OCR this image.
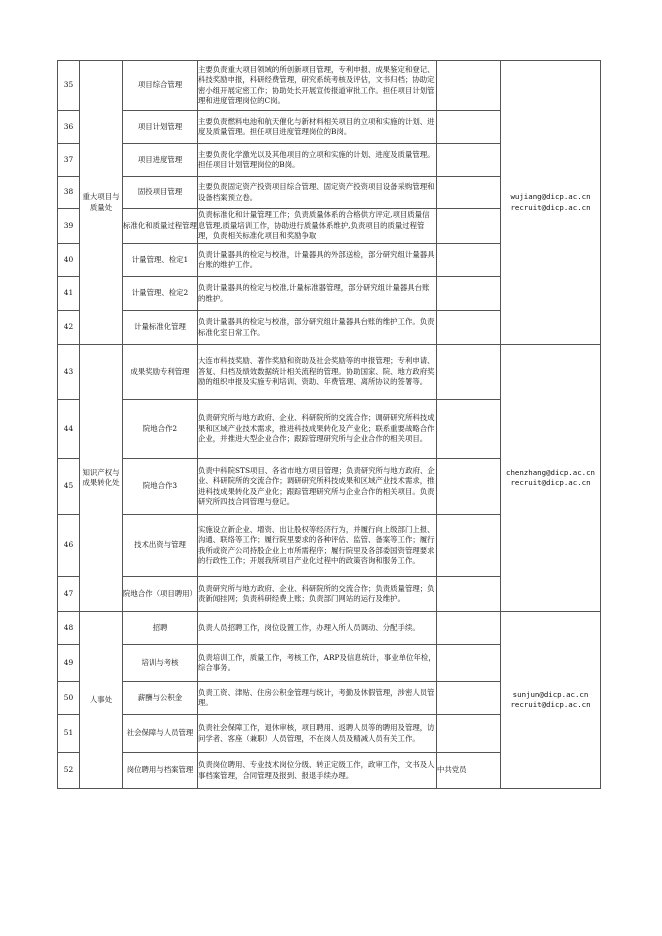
35	重大项目与质量处	项目综合管理	主要负责重大项目领域的所创新项目管理，专利申报、成果鉴定和登记、科技奖励申报，科研经费管理，研究系统考核及评估，文书归档；协助定密小组开展定密工作；协助处长开展宣传报道审批工作。担任项目计划管理和进度管理岗位的C岗。		wujiang@dicp.ac.cn
recruit@dicp.ac.cn

36		项目计划管理	主要负责燃料电池和航天催化与新材料相关项目的立项和实施的计划、进度及质量管理。担任项目进度管理岗位的B岗。		
37		项目进度管理	主要负责化学激光以及其他项目的立项和实施的计划、进度及质量管理。担任项目计划管理岗位的B岗。		
38		固投项目管理	主要负责固定资产投资项目综合管理、固定资产投资项目设备采购管理和设备档案预立卷。		
39		标准化和质量过程管理	负责标准化和计量管理工作；负责质量体系的合格供方评定,项目质量信息管理,质量培训工作，协助进行质量体系维护,负责项目的质量过程管理，负责相关标准化项目和奖励争取		
40		计量管理、检定1	负责计量器具的检定与校准，计量器具的外部送检，部分研究组计量器具台账的维护工作。		
41		计量管理、检定2	负责计量器具的检定与校准,计量标准器管理，部分研究组计量器具台账的维护。		
42		计量标准化管理	负责计量器具的检定与校准，部分研究组计量器具台账的维护工作。负责标准化室日常工作。		
43	知识产权与成果转化处	成果奖励专利管理	大连市科技奖励、著作奖励和资助及社会奖励等的申报管理；专利申请、答复、归档及绩效数据统计相关流程的管理。协助国家、院、地方政府奖励的组织申报及实施专利培训、资助、年费管理、离所协议的签署等。		chenzhang@dicp.ac.cn
recruit@dicp.ac.cn

44		院地合作2	负责研究所与地方政府、企业、科研院所的交流合作；调研研究所科技成果和区域产业技术需求，推进科技成果转化及产业化；联系重要战略合作企业，并推进大型企业合作；跟踪管理研究所与企业合作的相关项目。		
45		院地合作3	负责中科院STS项目、各省市地方项目管理；负责研究所与地方政府、企业、科研院所的交流合作；调研研究所科技成果和区域产业技术需求，推进科技成果转化及产业化；跟踪管理研究所与企业合作的相关项目。负责研究所四技合同管理与登记。		
46		技术出资与管理	实施设立新企业、增资、出让股权等经济行为，并履行向上级部门上报、沟通、联络等工作；履行院里要求的各种评估、监管、备案等工作；履行我所或资产公司持股企业上市所需程序；履行院里及各部委国资管理要求的行政性工作；开展我所项目产业化过程中的政策咨询和服务工作。		
47		院地合作（项目聘用）	负责研究所与地方政府、企业、科研院所的交流合作；负责质量管理；负责新闻挂网；负责科研经费上账；负责部门网站的运行及维护。		
48	人事处	招聘	负责人员招聘工作，岗位设置工作，办理入所人员调动、分配手续。		sunjun@dicp.ac.cn
recruit@dicp.ac.cn

49		培训与考核	负责培训工作，质量工作，考核工作，ARP及信息统计，事业单位年检，综合事务。		
50		薪酬与公积金	负责工资、津贴、住房公积金管理与统计，考勤及休假管理，涉密人员管理。		
51		社会保障与人员管理	负责社会保障工作，退休审核，项目聘用、返聘人员等的聘用及管理，访问学者、客座（兼职）人员管理，不在岗人员及精减人员有关工作。		
52		岗位聘用与档案管理	负责岗位聘用、专业技术岗位分级、转正定级工作，政审工作，文书及人事档案管理，合同管理及报到、报退手续办理。	中共党员	
